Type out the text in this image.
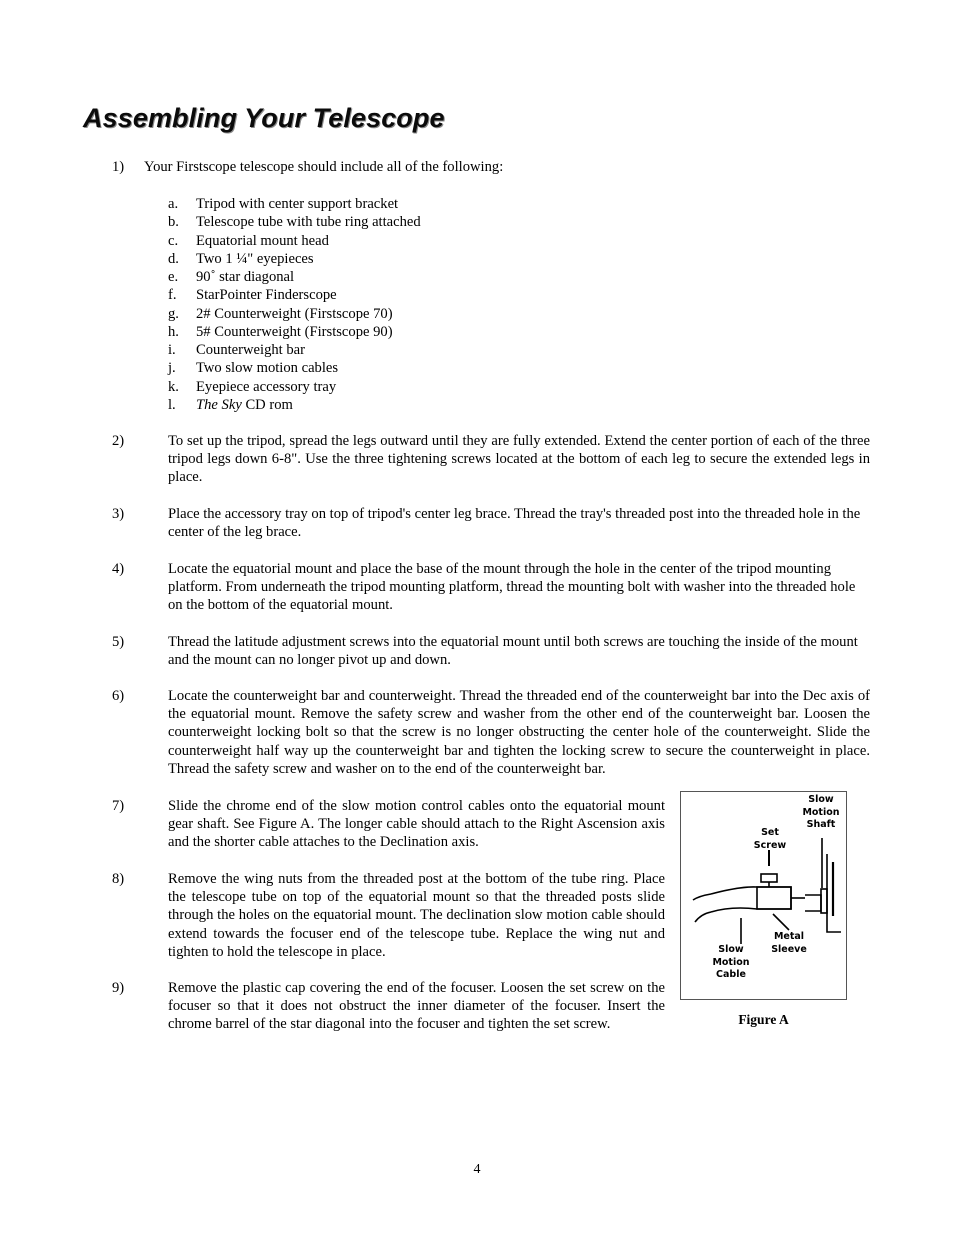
Assembling Your Telescope
1) Your Firstscope telescope should include all of the following:
a. Tripod with center support bracket
b. Telescope tube with tube ring attached
c. Equatorial mount head
d. Two 1 ¼" eyepieces
e. 90˚ star diagonal
f. StarPointer Finderscope
g. 2# Counterweight (Firstscope 70)
h. 5# Counterweight (Firstscope 90)
i. Counterweight bar
j. Two slow motion cables
k. Eyepiece accessory tray
l. The Sky CD rom
2)	To set up the tripod, spread the legs outward until they are fully extended. Extend the center portion of each of the three tripod legs down 6-8". Use the three tightening screws located at the bottom of each leg to secure the extended legs in place.
3)	Place the accessory tray on top of tripod's center leg brace. Thread the tray's threaded post into the threaded hole in the center of the leg brace.
4)	Locate the equatorial mount and place the base of the mount through the hole in the center of the tripod mounting platform. From underneath the tripod mounting platform, thread the mounting bolt with washer into the threaded hole on the bottom of the equatorial mount.
5)	Thread the latitude adjustment screws into the equatorial mount until both screws are touching the inside of the mount and the mount can no longer pivot up and down.
6)	Locate the counterweight bar and counterweight. Thread the threaded end of the counterweight bar into the Dec axis of the equatorial mount. Remove the safety screw and washer from the other end of the counterweight bar. Loosen the counterweight locking bolt so that the screw is no longer obstructing the center hole of the counterweight. Slide the counterweight half way up the counterweight bar and tighten the locking screw to secure the counterweight in place. Thread the safety screw and washer on to the end of the counterweight bar.
7)	Slide the chrome end of the slow motion control cables onto the equatorial mount gear shaft. See Figure A. The longer cable should attach to the Right Ascension axis and the shorter cable attaches to the Declination axis.
8)	Remove the wing nuts from the threaded post at the bottom of the tube ring. Place the telescope tube on top of the equatorial mount so that the threaded posts slide through the holes on the equatorial mount. The declination slow motion cable should extend towards the focuser end of the telescope tube. Replace the wing nut and tighten to hold the telescope in place.
9)	Remove the plastic cap covering the end of the focuser. Loosen the set screw on the focuser so that it does not obstruct the inner diameter of the focuser. Insert the chrome barrel of the star diagonal into the focuser and tighten the set screw.
Slow
Motion
Shaft
Set
Screw
Metal
Sleeve
Slow
Motion
Cable
Figure A
4
